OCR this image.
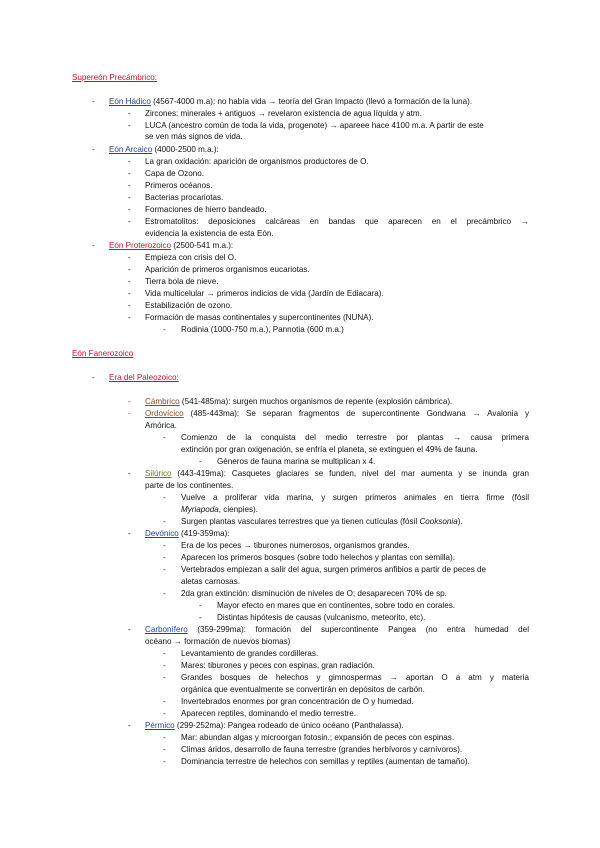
Supereón Precámbrico:
- Eón Hádico (4567-4000 m.a): no había vida → teoría del Gran Impacto (llevó a formación de la luna).
- Zircones: minerales + antiguos → revelaron existencia de agua líquida y atm.
- LUCA (ancestro común de toda la vida, progenote) → apareee hace 4100 m.a. A partir de este
se ven más signos de vida.
- Eón Arcaico (4000-2500 m.a.):
- La gran oxidación: aparición de organismos productores de O.
- Capa de Ozono.
- Primeros océanos.
- Bacterias procariotas.
- Formaciones de hierro bandeado.
- Estromatolitos: deposiciones calcáreas en bandas que aparecen en el precámbrico →
evidencia la existencia de esta Eón.
- Eón Proterozoico (2500-541 m.a.):
- Empieza con crisis del O.
- Aparición de primeros organismos eucariotas.
- Tierra bola de nieve.
- Vida multicelular → primeros indicios de vida (Jardín de Ediacara).
- Estabilización de ozono.
- Formación de masas continentales y supercontinentes (NUNA).
- Rodinia (1000-750 m.a.), Pannotia (600 m.a.)
Eón Fanerozoico
- Era del Paleozoico:
- Cámbrico (541-485ma): surgen muchos organismos de repente (explosión cámbrica).
- Ordovícico (485-443ma): Se separan fragmentos de supercontinente Gondwana → Avalonia y
Amórica.
- Comienzo de la conquista del medio terrestre por plantas → causa primera
extinción por gran oxigenación, se enfría el planeta, se extinguen el 49% de fauna.
- Géneros de fauna marina se multiplican x 4.
- Silúrico (443-419ma): Casquetes glaciares se funden, nivel del mar aumenta y se inunda gran
parte de los continentes.
- Vuelve a proliferar vida marina, y surgen primeros animales en tierra firme (fósil
Myriapoda, cienpies).
- Surgen plantas vasculares terrestres que ya tienen cutículas (fósil Cooksonia).
- Devónico (419-359ma):
- Era de los peces → tiburones numerosos, organismos grandes.
- Aparecen los primeros bosques (sobre todo helechos y plantas con semilla).
- Vertebrados empiezan a salir del agua, surgen primeros anfibios a partir de peces de
aletas carnosas.
- 2da gran extinción: disminución de niveles de O; desaparecen 70% de sp.
- Mayor efecto en mares que en continentes, sobre todo en corales.
- Distintas hipótesis de causas (vulcanismo, meteorito, etc).
- Carbonífero (359-299ma): formación del supercontinente Pangea (no entra humedad del
océano → formación de nuevos biomas)
- Levantamiento de grandes cordilleras.
- Mares: tiburones y peces con espinas, gran radiación.
- Grandes bosques de helechos y gimnospermas → aportan O a atm y materia
orgánica que eventualmente se convertirán en depósitos de carbón.
- Invertebrados enormes por gran concentración de O y humedad.
- Aparecen reptiles, dominando el medio terrestre.
- Pérmico (299-252ma): Pangea rodeado de único océano (Panthalassa).
- Mar: abundan algas y microorgan fotosin.; expansión de peces con espinas.
- Climas áridos, desarrollo de fauna terrestre (grandes herbívoros y carnívoros).
- Dominancia terrestre de helechos con semillas y reptiles (aumentan de tamaño).
